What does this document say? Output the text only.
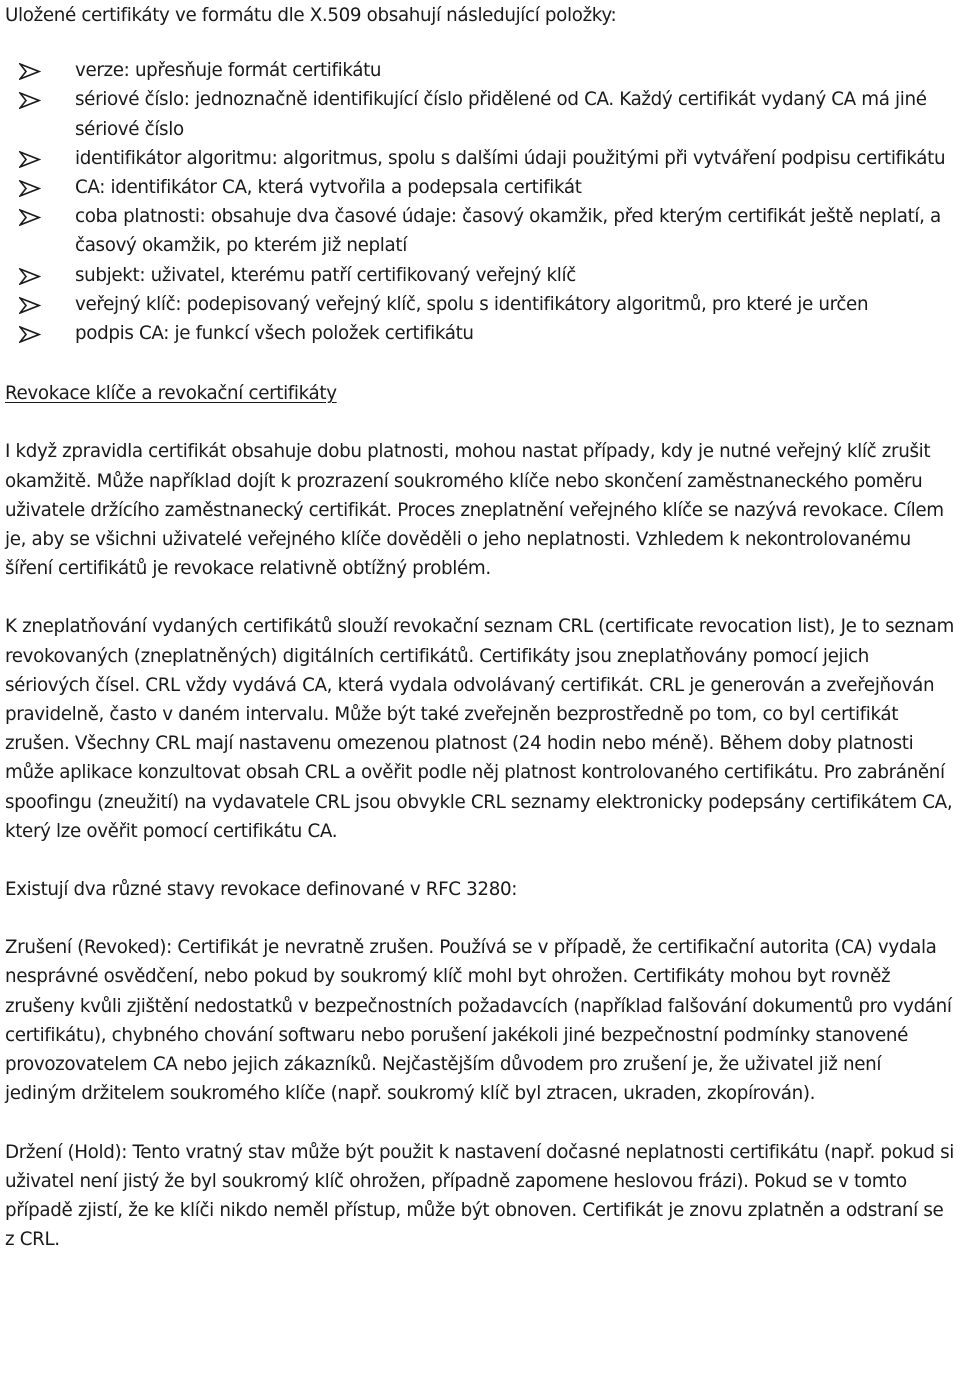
Uložené certifikáty ve formátu dle X.509 obsahují následující položky:

verze: upřesňuje formát certifikátu
sériové číslo: jednoznačně identifikující číslo přidělené od CA. Každý certifikát vydaný CA má jiné sériové číslo
identifikátor algoritmu: algoritmus, spolu s dalšími údaji použitými při vytváření podpisu certifikátu
CA: identifikátor CA, která vytvořila a podepsala certifikát
coba platnosti: obsahuje dva časové údaje: časový okamžik, před kterým certifikát ještě neplatí, a časový okamžik, po kterém již neplatí
subjekt: uživatel, kterému patří certifikovaný veřejný klíč
veřejný klíč: podepisovaný veřejný klíč, spolu s identifikátory algoritmů, pro které je určen
podpis CA: je funkcí všech položek certifikátu

Revokace klíče a revokační certifikáty

I když zpravidla certifikát obsahuje dobu platnosti, mohou nastat případy, kdy je nutné veřejný klíč zrušit okamžitě. Může například dojít k prozrazení soukromého klíče nebo skončení zaměstnaneckého poměru uživatele držícího zaměstnanecký certifikát. Proces zneplatnění veřejného klíče se nazývá revokace. Cílem je, aby se všichni uživatelé veřejného klíče dověděli o jeho neplatnosti. Vzhledem k nekontrolovanému šíření certifikátů je revokace relativně obtížný problém.

K zneplatňování vydaných certifikátů slouží revokační seznam CRL (certificate revocation list), Je to seznam revokovaných (zneplatněných) digitálních certifikátů. Certifikáty jsou zneplatňovány pomocí jejich sériových čísel. CRL vždy vydává CA, která vydala odvolávaný certifikát. CRL je generován a zveřejňován pravidelně, často v daném intervalu. Může být také zveřejněn bezprostředně po tom, co byl certifikát zrušen. Všechny CRL mají nastavenu omezenou platnost (24 hodin nebo méně). Během doby platnosti může aplikace konzultovat obsah CRL a ověřit podle něj platnost kontrolovaného certifikátu. Pro zabránění spoofingu (zneužití) na vydavatele CRL jsou obvykle CRL seznamy elektronicky podepsány certifikátem CA, který lze ověřit pomocí certifikátu CA.

Existují dva různé stavy revokace definované v RFC 3280:

Zrušení (Revoked): Certifikát je nevratně zrušen. Používá se v případě, že certifikační autorita (CA) vydala nesprávné osvědčení, nebo pokud by soukromý klíč mohl byt ohrožen. Certifikáty mohou byt rovněž zrušeny kvůli zjištění nedostatků v bezpečnostních požadavcích (například falšování dokumentů pro vydání certifikátu), chybného chování softwaru nebo porušení jakékoli jiné bezpečnostní podmínky stanovené provozovatelem CA nebo jejich zákazníků. Nejčastějším důvodem pro zrušení je, že uživatel již není jediným držitelem soukromého klíče (např. soukromý klíč byl ztracen, ukraden, zkopírován).

Držení (Hold): Tento vratný stav může být použit k nastavení dočasné neplatnosti certifikátu (např. pokud si uživatel není jistý že byl soukromý klíč ohrožen, případně zapomene heslovou frázi). Pokud se v tomto případě zjistí, že ke klíči nikdo neměl přístup, může být obnoven. Certifikát je znovu zplatněn a odstraní se z CRL.
